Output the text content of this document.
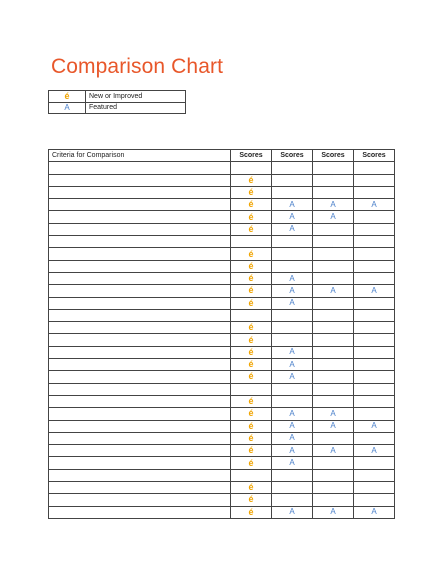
Comparison Chart
é	New or Improved
A	Featured
Criteria for Comparison	Scores	Scores	Scores	Scores

	é			
	é			
	é	A	A	A
	é	A	A	
	é	A		

	é			
	é			
	é	A		
	é	A	A	A
	é	A		

	é			
	é			
	é	A		
	é	A		
	é	A		

	é			
	é	A	A	
	é	A	A	A
	é	A		
	é	A	A	A
	é	A		

	é			
	é			
	é	A	A	A
